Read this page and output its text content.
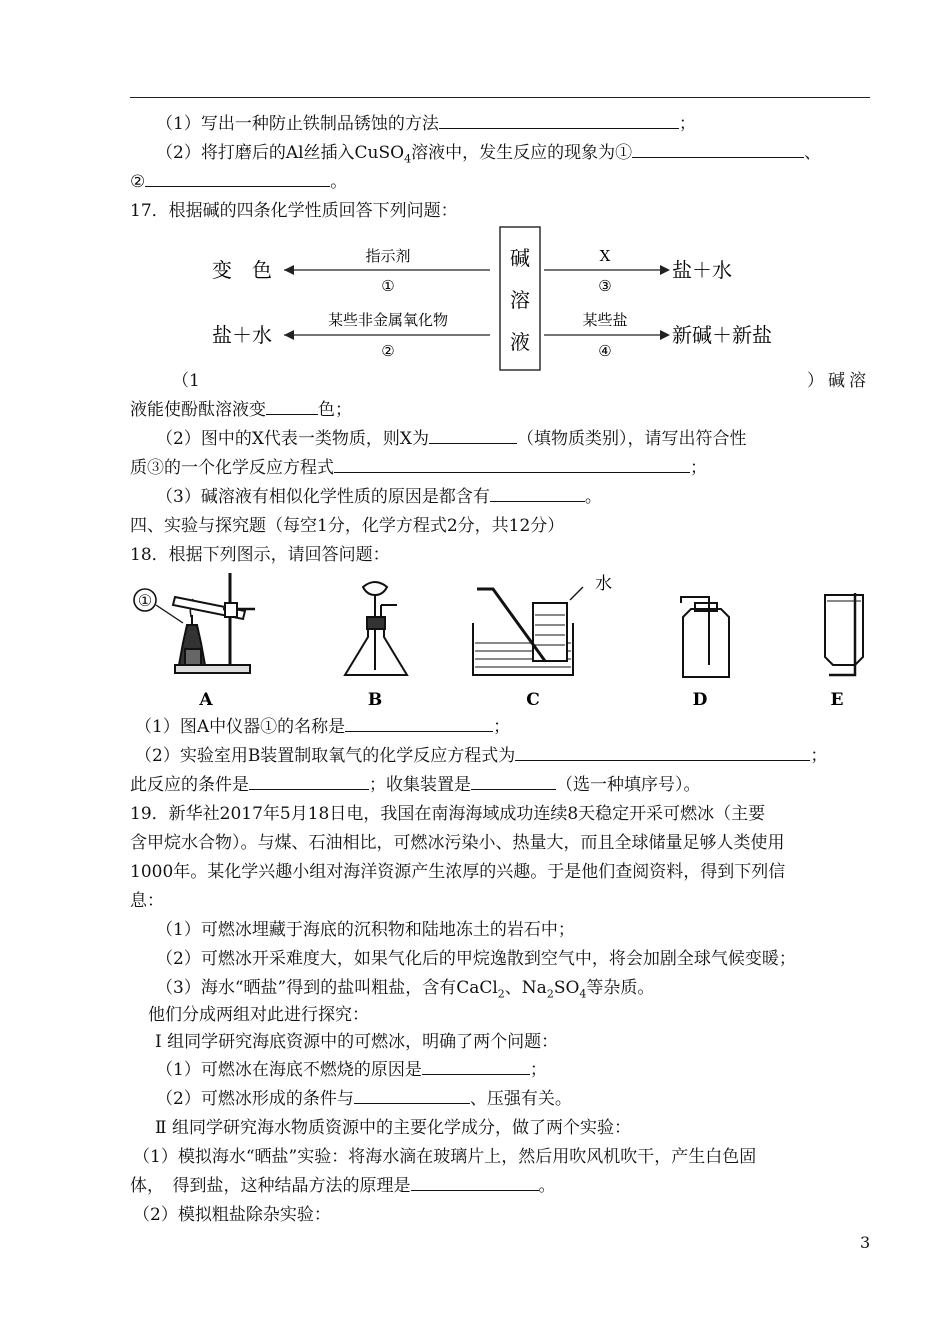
（1）写出一种防止铁制品锈蚀的方法	；
（2）将打磨后的Al丝插入CuSO$_4$溶液中，发生反应的现象为①	、
②	。
17．根据碱的四条化学性质回答下列问题：
碱
溶
液
变　色
指示剂
①
盐＋水
某些非金属氧化物
②
X
③
盐＋水
某些盐
④
新碱＋新盐
（1	）碱溶
液能使酚酞溶液变	色；
（2）图中的X代表一类物质，则X为	（填物质类别），请写出符合性
质③的一个化学反应方程式	；
（3）碱溶液有相似化学性质的原因是都含有	。
四、实验与探究题（每空1分，化学方程式2分，共12分）
18．根据下列图示，请回答问题：
①
A	B
水
C	D	E
（1）图A中仪器①的名称是	；
（2）实验室用B装置制取氧气的化学反应方程式为	；
此反应的条件是	；收集装置是	（选一种填序号）。
19．新华社2017年5月18日电，我国在南海海域成功连续8天稳定开采可燃冰（主要
含甲烷水合物）。与煤、石油相比，可燃冰污染小、热量大，而且全球储量足够人类使用
1000年。某化学兴趣小组对海洋资源产生浓厚的兴趣。于是他们查阅资料，得到下列信
息：
（1）可燃冰埋藏于海底的沉积物和陆地冻土的岩石中；
（2）可燃冰开采难度大，如果气化后的甲烷逸散到空气中，将会加剧全球气候变暖；
（3）海水“晒盐”得到的盐叫粗盐，含有CaCl$_2$、$Na_2SO_4$等杂质。
他们分成两组对此进行探究：
Ⅰ 组同学研究海底资源中的可燃冰，明确了两个问题：
（1）可燃冰在海底不燃烧的原因是	；
（2）可燃冰形成的条件与	、压强有关。
Ⅱ 组同学研究海水物质资源中的主要化学成分，做了两个实验：
（1）模拟海水“晒盐”实验：将海水滴在玻璃片上，然后用吹风机吹干，产生白色固
体，　得到盐，这种结晶方法的原理是	。
（2）模拟粗盐除杂实验：
3
